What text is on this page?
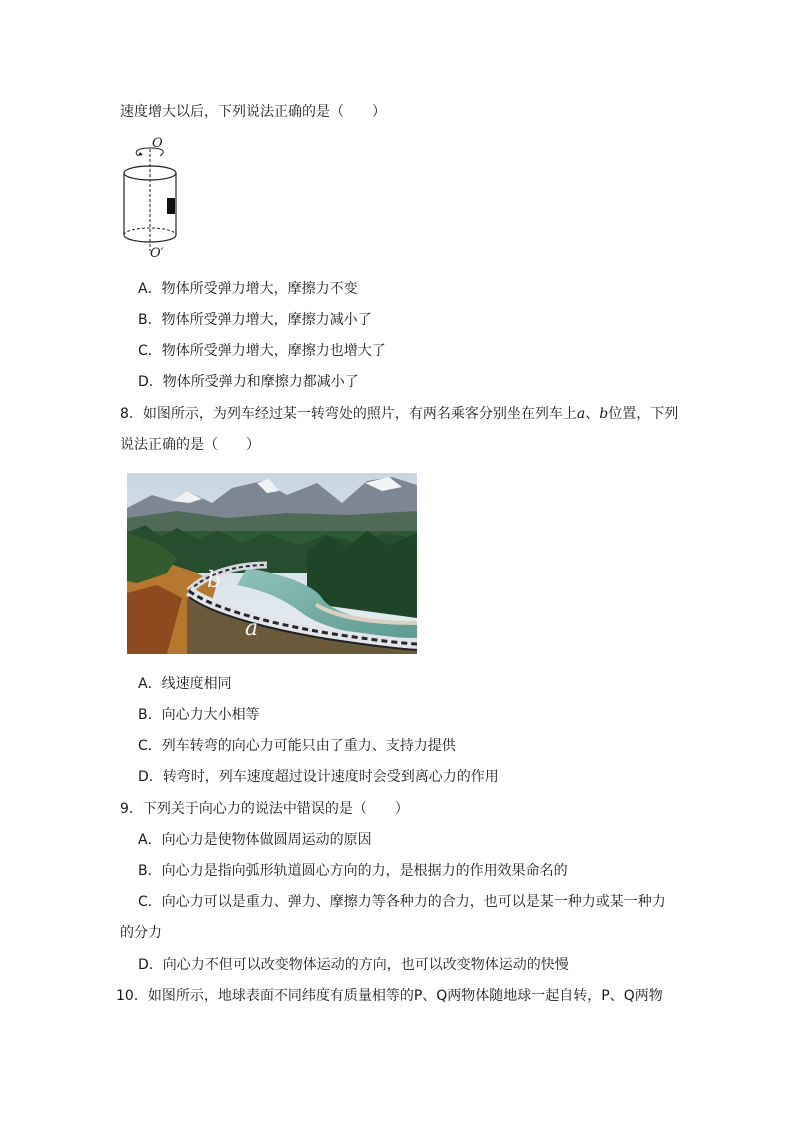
速度增大以后，下列说法正确的是（　　）
O
O′
A．物体所受弹力增大，摩擦力不变
B．物体所受弹力增大，摩擦力减小了
C．物体所受弹力增大，摩擦力也增大了
D．物体所受弹力和摩擦力都减小了
8．如图所示，为列车经过某一转弯处的照片，有两名乘客分别坐在列车上a、b位置，下列
说法正确的是（　　）
b
a
A．线速度相同
B．向心力大小相等
C．列车转弯的向心力可能只由了重力、支持力提供
D．转弯时，列车速度超过设计速度时会受到离心力的作用
9．下列关于向心力的说法中错误的是（　　）
A．向心力是使物体做圆周运动的原因
B．向心力是指向弧形轨道圆心方向的力，是根据力的作用效果命名的
C．向心力可以是重力、弹力、摩擦力等各种力的合力，也可以是某一种力或某一种力
的分力
D．向心力不但可以改变物体运动的方向，也可以改变物体运动的快慢
10．如图所示，地球表面不同纬度有质量相等的P、Q两物体随地球一起自转，P、Q两物
